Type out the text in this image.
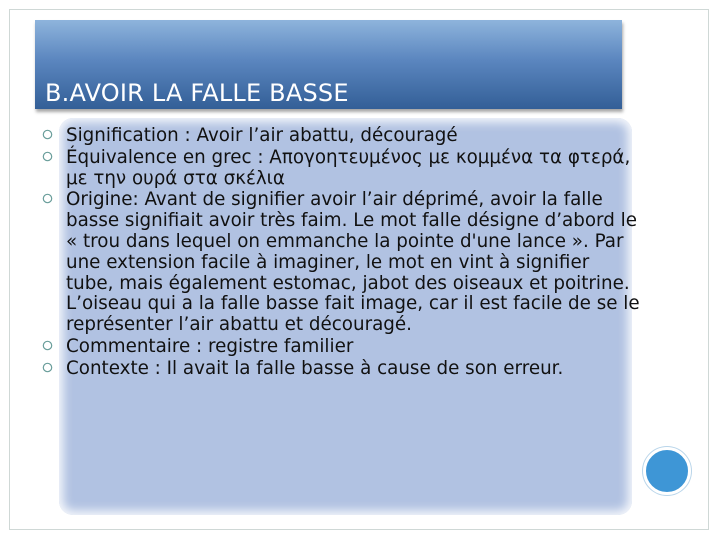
B.AVOIR LA FALLE BASSE
Signification : Avoir l’air abattu, découragé
Équivalence en grec : Απογοητευμένος με κομμένα τα φτερά, με την ουρά στα σκέλια
Origine: Avant de signifier avoir l’air déprimé, avoir la falle basse signifiait avoir très faim. Le mot falle désigne d’abord le « trou dans lequel on emmanche la pointe d'une lance ». Par une extension facile à imaginer, le mot en vint à signifier tube, mais également estomac, jabot des oiseaux et poitrine. L’oiseau qui a la falle basse fait image, car il est facile de se le représenter l’air abattu et découragé.
Commentaire : registre familier
Contexte : Il avait la falle basse à cause de son erreur.
